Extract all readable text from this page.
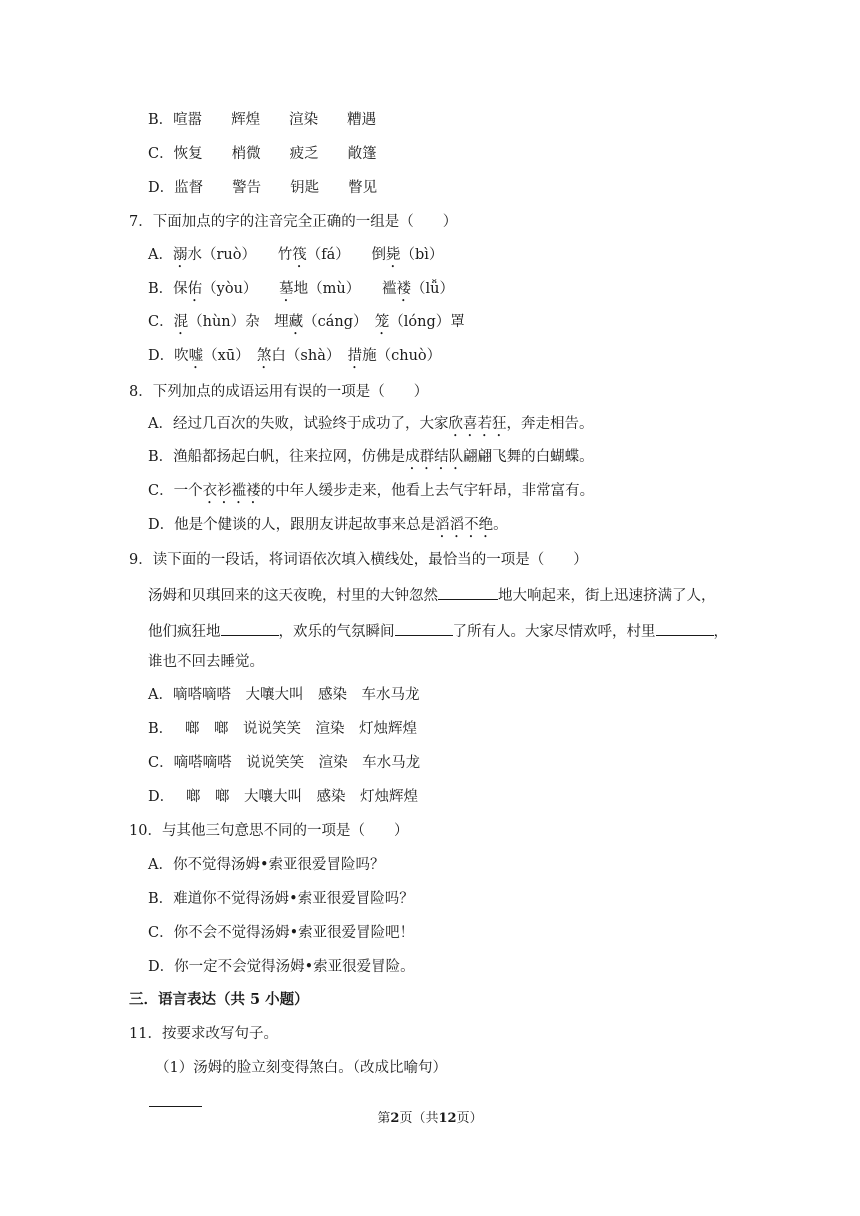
B．喧嚣　　辉煌　　渲染　　糟遇
C．恢复　　梢微　　疲乏　　敞篷
D．监督　　警告　　钥匙　　瞥见
7．下面加点的字的注音完全正确的一组是（　　）
A．溺水（ruò）　　竹筏（fá）　　倒毙（bì）
B．保佑（yòu）　　墓地（mù）　　褴褛（lǚ）
C．混（hùn）杂　埋藏（cáng）　笼（lóng）罩
D．吹嘘（xū）　煞白（shà）　措施（chuò）
8．下列加点的成语运用有误的一项是（　　）
A．经过几百次的失败，试验终于成功了，大家欣喜若狂，奔走相告。
B．渔船都扬起白帆，往来拉网，仿佛是成群结队翩翩飞舞的白蝴蝶。
C．一个衣衫褴褛的中年人缓步走来，他看上去气宇轩昂，非常富有。
D．他是个健谈的人，跟朋友讲起故事来总是滔滔不绝。
9．读下面的一段话，将词语依次填入横线处，最恰当的一项是（　　）
汤姆和贝琪回来的这天夜晚，村里的大钟忽然	地大响起来，街上迅速挤满了人，
他们疯狂地	，欢乐的气氛瞬间	了所有人。大家尽情欢呼，村里	，
谁也不回去睡觉。
A．嘀嗒嘀嗒　大嚷大叫　感染　车水马龙
B．　 啷　啷　说说笑笑　渲染　灯烛辉煌
C．嘀嗒嘀嗒　说说笑笑　渲染　车水马龙
D．　 啷　啷　大嚷大叫　感染　灯烛辉煌
10．与其他三句意思不同的一项是（　　）
A．你不觉得汤姆•索亚很爱冒险吗？
B．难道你不觉得汤姆•索亚很爱冒险吗？
C．你不会不觉得汤姆•索亚很爱冒险吧！
D．你一定不会觉得汤姆•索亚很爱冒险。
三．语言表达（共 5 小题）
11．按要求改写句子。
（1）汤姆的脸立刻变得煞白。（改成比喻句）
第2页（共12页）
